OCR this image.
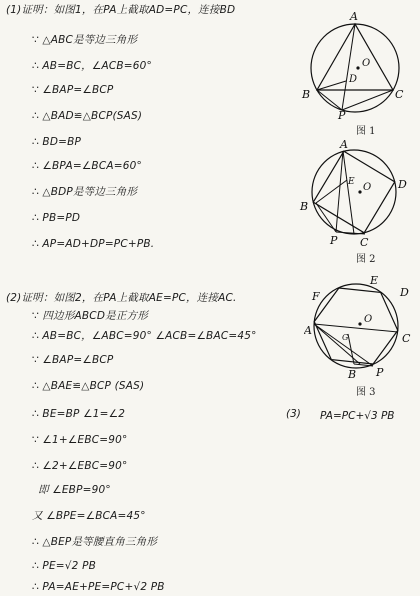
(1)证明：如图1，在PA上截取AD=PC，连接BD
∵ △ABC是等边三角形
∴ AB=BC，∠ACB=60°
∵ ∠BAP=∠BCP
∴ △BAD≌△BCP(SAS)
∴ BD=BP
∴ ∠BPA=∠BCA=60°
∴ △BDP是等边三角形
∴ PB=PD
∴ AP=AD+DP=PC+PB.
(2)证明：如图2，在PA上截取AE=PC，连接AC.
∵ 四边形ABCD是正方形
∴ AB=BC，∠ABC=90° ∠ACB=∠BAC=45°
∵ ∠BAP=∠BCP
∴ △BAE≌△BCP (SAS)
∴ BE=BP ∠1=∠2
∵ ∠1+∠EBC=90°
∴ ∠2+∠EBC=90°
即 ∠EBP=90°
又 ∠BPE=∠BCA=45°
∴ △BEP是等腰直角三角形
∴ PE=√2 PB
∴ PA=AE+PE=PC+√2 PB
(3) PA=PC+√3 PB
B	C
A
D
O
P
图 1
A
D
B
C
P
E O
图 2
E
F	D
A
C
B P
O
G
图 3
